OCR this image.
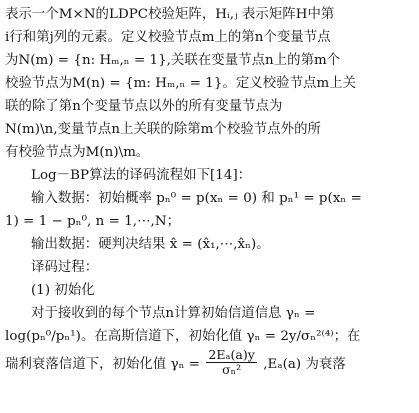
表示一个M×N的LDPC校验矩阵，Hᵢ,ⱼ 表示矩阵H中第
i行和第j列的元素。定义校验节点m上的第n个变量节点
为N(m) = {n: Hₘ,ₙ = 1},关联在变量节点n上的第m个
校验节点为M(n) = {m: Hₘ,ₙ = 1}。定义校验节点m上关
联的除了第n个变量节点以外的所有变量节点为
N(m)\n,变量节点n上关联的除第m个校验节点外的所
有校验节点为M(n)\m。
Log－BP算法的译码流程如下[14]：
输入数据：初始概率 pₙ⁰ = p(xₙ = 0) 和 pₙ¹ = p(xₙ =
1) = 1 − pₙ⁰, n = 1,⋯,N；
输出数据：硬判决结果 x̂ = (x̂₁,⋯,x̂ₙ)。
译码过程：
(1) 初始化
对于接收到的每个节点n计算初始信道信息 γₙ =
log(pₙ⁰/pₙ¹)。在高斯信道下，初始化值 γₙ = 2y/σₙ²⁽⁴⁾；在
瑞利衰落信道下，初始化值 $\gamma_n = \frac{\text{2Eₐ(a)y}}{\text{σₙ²}} ,E_a(a)$ 为衰落
